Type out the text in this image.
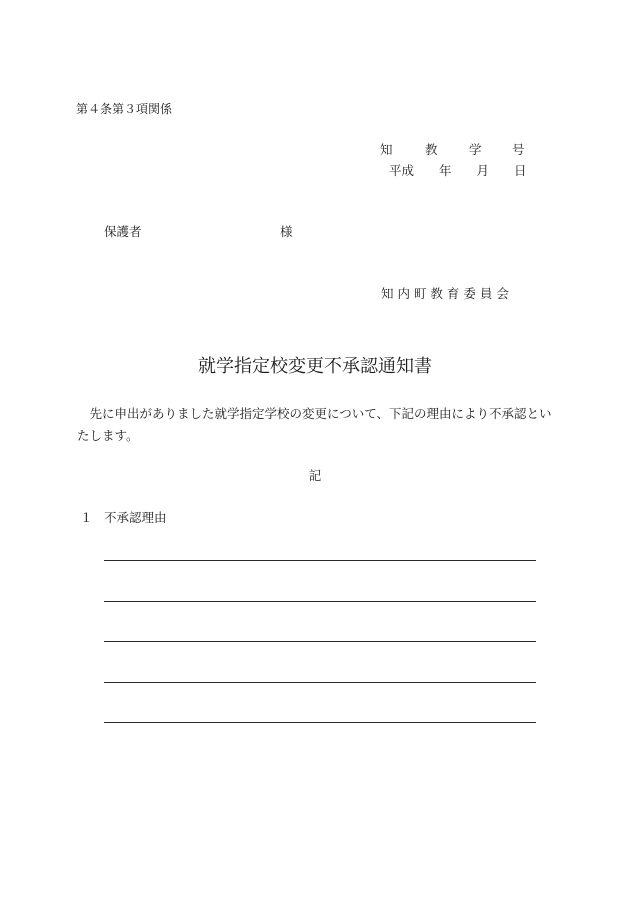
第４条第３項関係
知	教	学 号
平成　　年　　月　　日
保護者	様
知 内 町 教 育 委 員 会
就学指定校変更不承認通知書
先に申出がありました就学指定学校の変更について、下記の理由により不承認といたします。
記
１ 不承認理由
